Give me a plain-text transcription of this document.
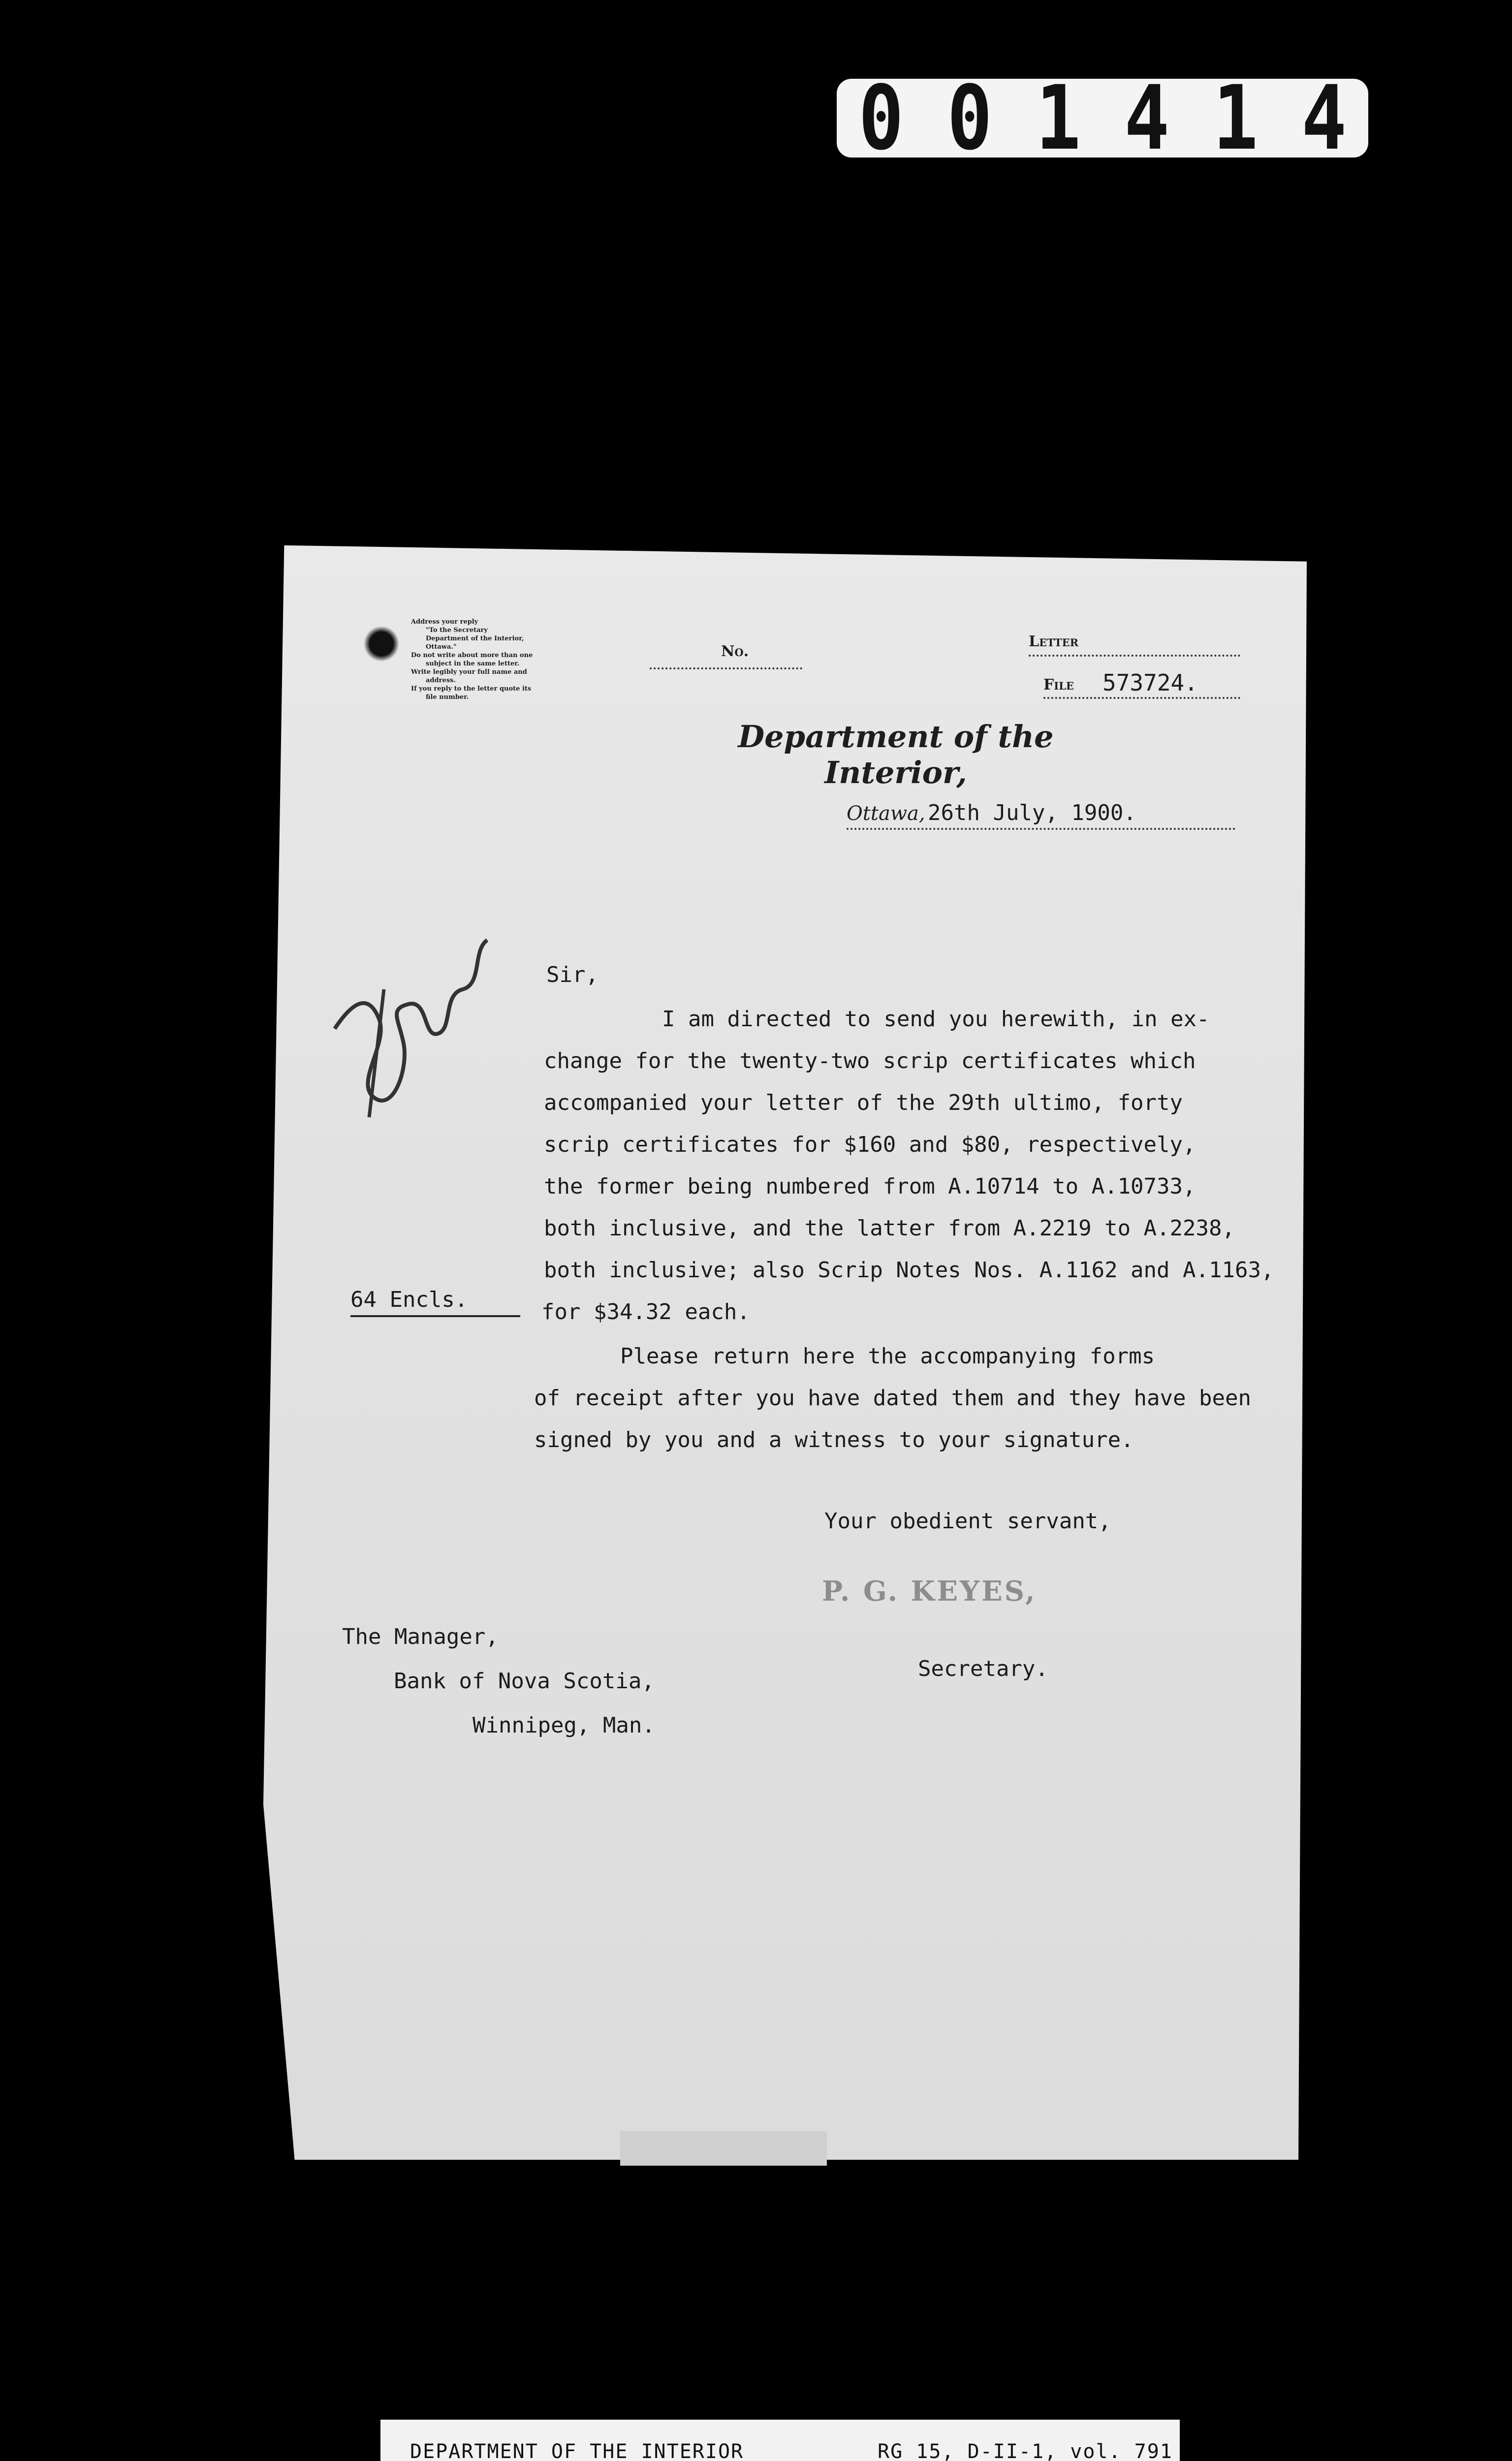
0 0 1 4 1 4
Address your reply
"To the Secretary
Department of the Interior,
Ottawa."
Do not write about more than one
subject in the same letter.
Write legibly your full name and
address.
If you reply to the letter quote its
file number.
No.
Letter
File 573724.
Department of the Interior,
Ottawa, 26th July, 1900.
Sir,
I am directed to send you herewith, in ex-
change for the twenty-two scrip certificates which
accompanied your letter of the 29th ultimo, forty
scrip certificates for $160 and $80, respectively,
the former being numbered from A.10714 to A.10733,
both inclusive, and the latter from A.2219 to A.2238,
both inclusive; also Scrip Notes Nos. A.1162 and A.1163,
for $34.32 each.
64 Encls.
Please return here the accompanying forms
of receipt after you have dated them and they have been
signed by you and a witness to your signature.
Your obedient servant,
P. G. KEYES,
Secretary.
The Manager,
Bank of Nova Scotia,
Winnipeg, Man.
DEPARTMENT OF THE INTERIOR	RG 15, D-II-1, vol. 791
